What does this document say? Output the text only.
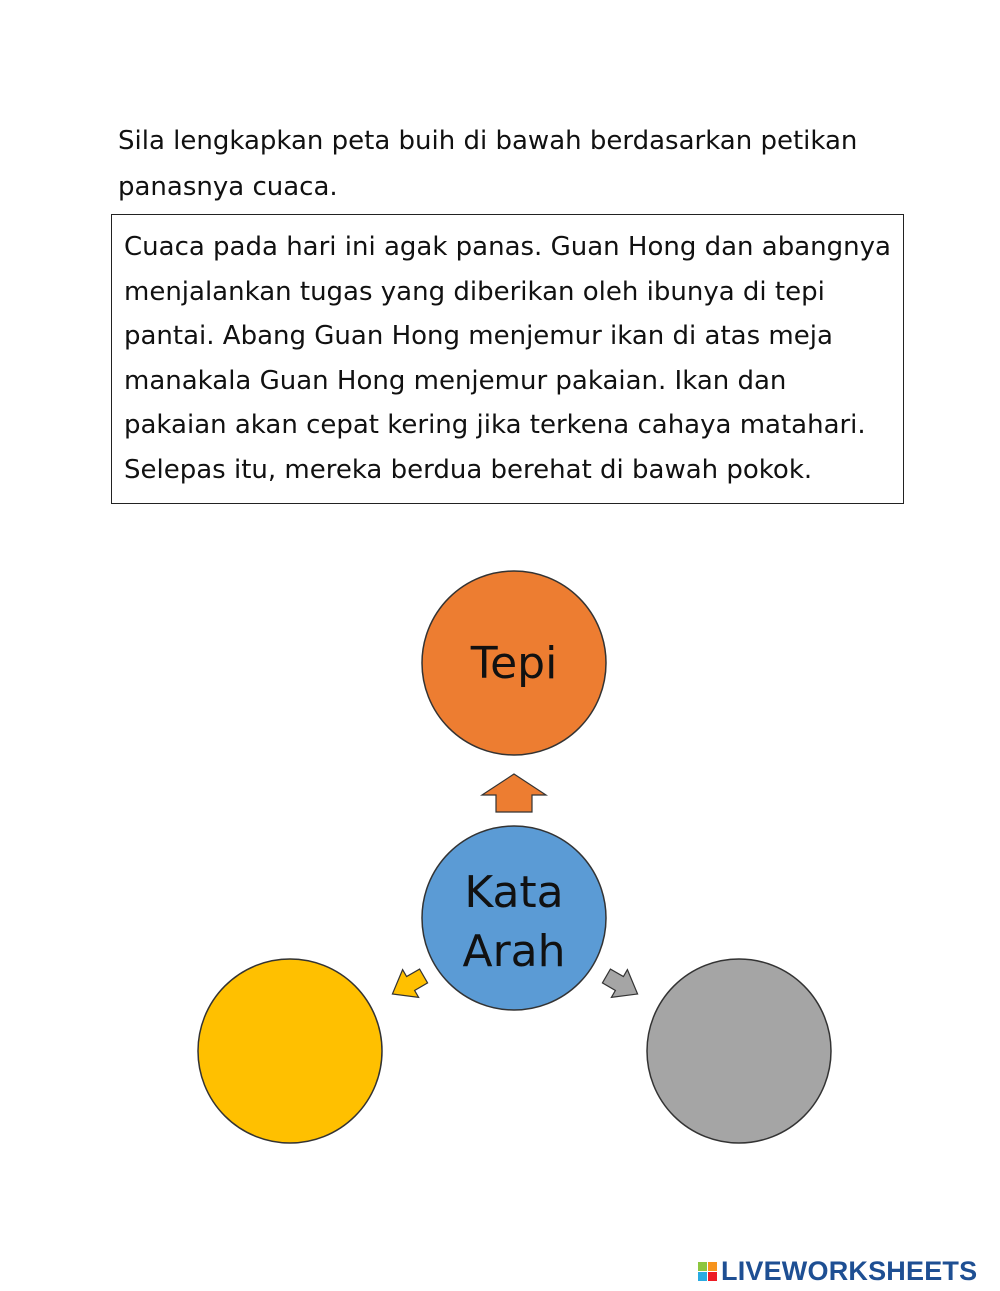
Sila lengkapkan peta buih di bawah berdasarkan petikan
panasnya cuaca.
Cuaca pada hari ini agak panas. Guan Hong dan abangnya
menjalankan tugas yang diberikan oleh ibunya di tepi
pantai. Abang Guan Hong menjemur ikan di atas meja
manakala Guan Hong menjemur pakaian. Ikan dan
pakaian akan cepat kering jika terkena cahaya matahari.
Selepas itu, mereka berdua berehat di bawah pokok.
Tepi
Kata
Arah
LIVEWORKSHEETS
